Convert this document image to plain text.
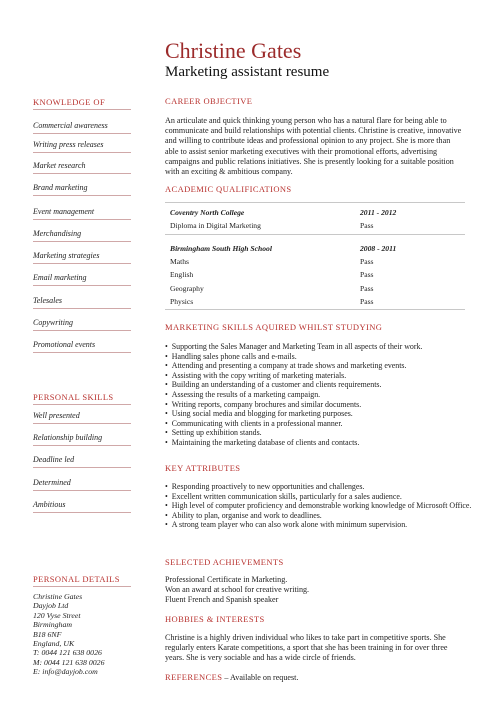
Christine Gates
Marketing assistant resume
KNOWLEDGE OF
Commercial awareness
Writing press releases
Market research
Brand marketing
Event management
Merchandising
Marketing strategies
Email marketing
Telesales
Copywriting
Promotional events
PERSONAL SKILLS
Well presented
Relationship building
Deadline led
Determined
Ambitious
PERSONAL DETAILS
Christine Gates
Dayjob Ltd
120 Vyse Street
Birmingham
B18 6NF
England, UK
T: 0044 121 638 0026
M: 0044 121 638 0026
E: info@dayjob.com
CAREER OBJECTIVE
An articulate and quick thinking young person who has a natural flare for being able to communicate and build relationships with potential clients. Christine is creative, innovative and willing to contribute ideas and professional opinion to any project. She is more than able to assist senior marketing executives with their promotional efforts, advertising campaigns and public relations initiatives. She is presently looking for a suitable position with an exciting & ambitious company.
ACADEMIC QUALIFICATIONS
Coventry North College	2011 - 2012
Diploma in Digital Marketing	Pass
Birmingham South High School	2008 - 2011
Maths	Pass
English	Pass
Geography	Pass
Physics	Pass
MARKETING SKILLS AQUIRED WHILST STUDYING
• Supporting the Sales Manager and Marketing Team in all aspects of their work.
• Handling sales phone calls and e-mails.
• Attending and presenting a company at trade shows and marketing events.
• Assisting with the copy writing of marketing materials.
• Building an understanding of a customer and clients requirements.
• Assessing the results of a marketing campaign.
• Writing reports, company brochures and similar documents.
• Using social media and blogging for marketing purposes.
• Communicating with clients in a professional manner.
• Setting up exhibition stands.
• Maintaining the marketing database of clients and contacts.
KEY ATTRIBUTES
• Responding proactively to new opportunities and challenges.
• Excellent written communication skills, particularly for a sales audience.
• High level of computer proficiency and demonstrable working knowledge of Microsoft Office.
• Ability to plan, organise and work to deadlines.
• A strong team player who can also work alone with minimum supervision.
SELECTED ACHIEVEMENTS
Professional Certificate in Marketing.
Won an award at school for creative writing.
Fluent French and Spanish speaker
HOBBIES & INTERESTS
Christine is a highly driven individual who likes to take part in competitive sports. She regularly enters Karate competitions, a sport that she has been training in for over three years. She is very sociable and has a wide circle of friends.
REFERENCES – Available on request.
